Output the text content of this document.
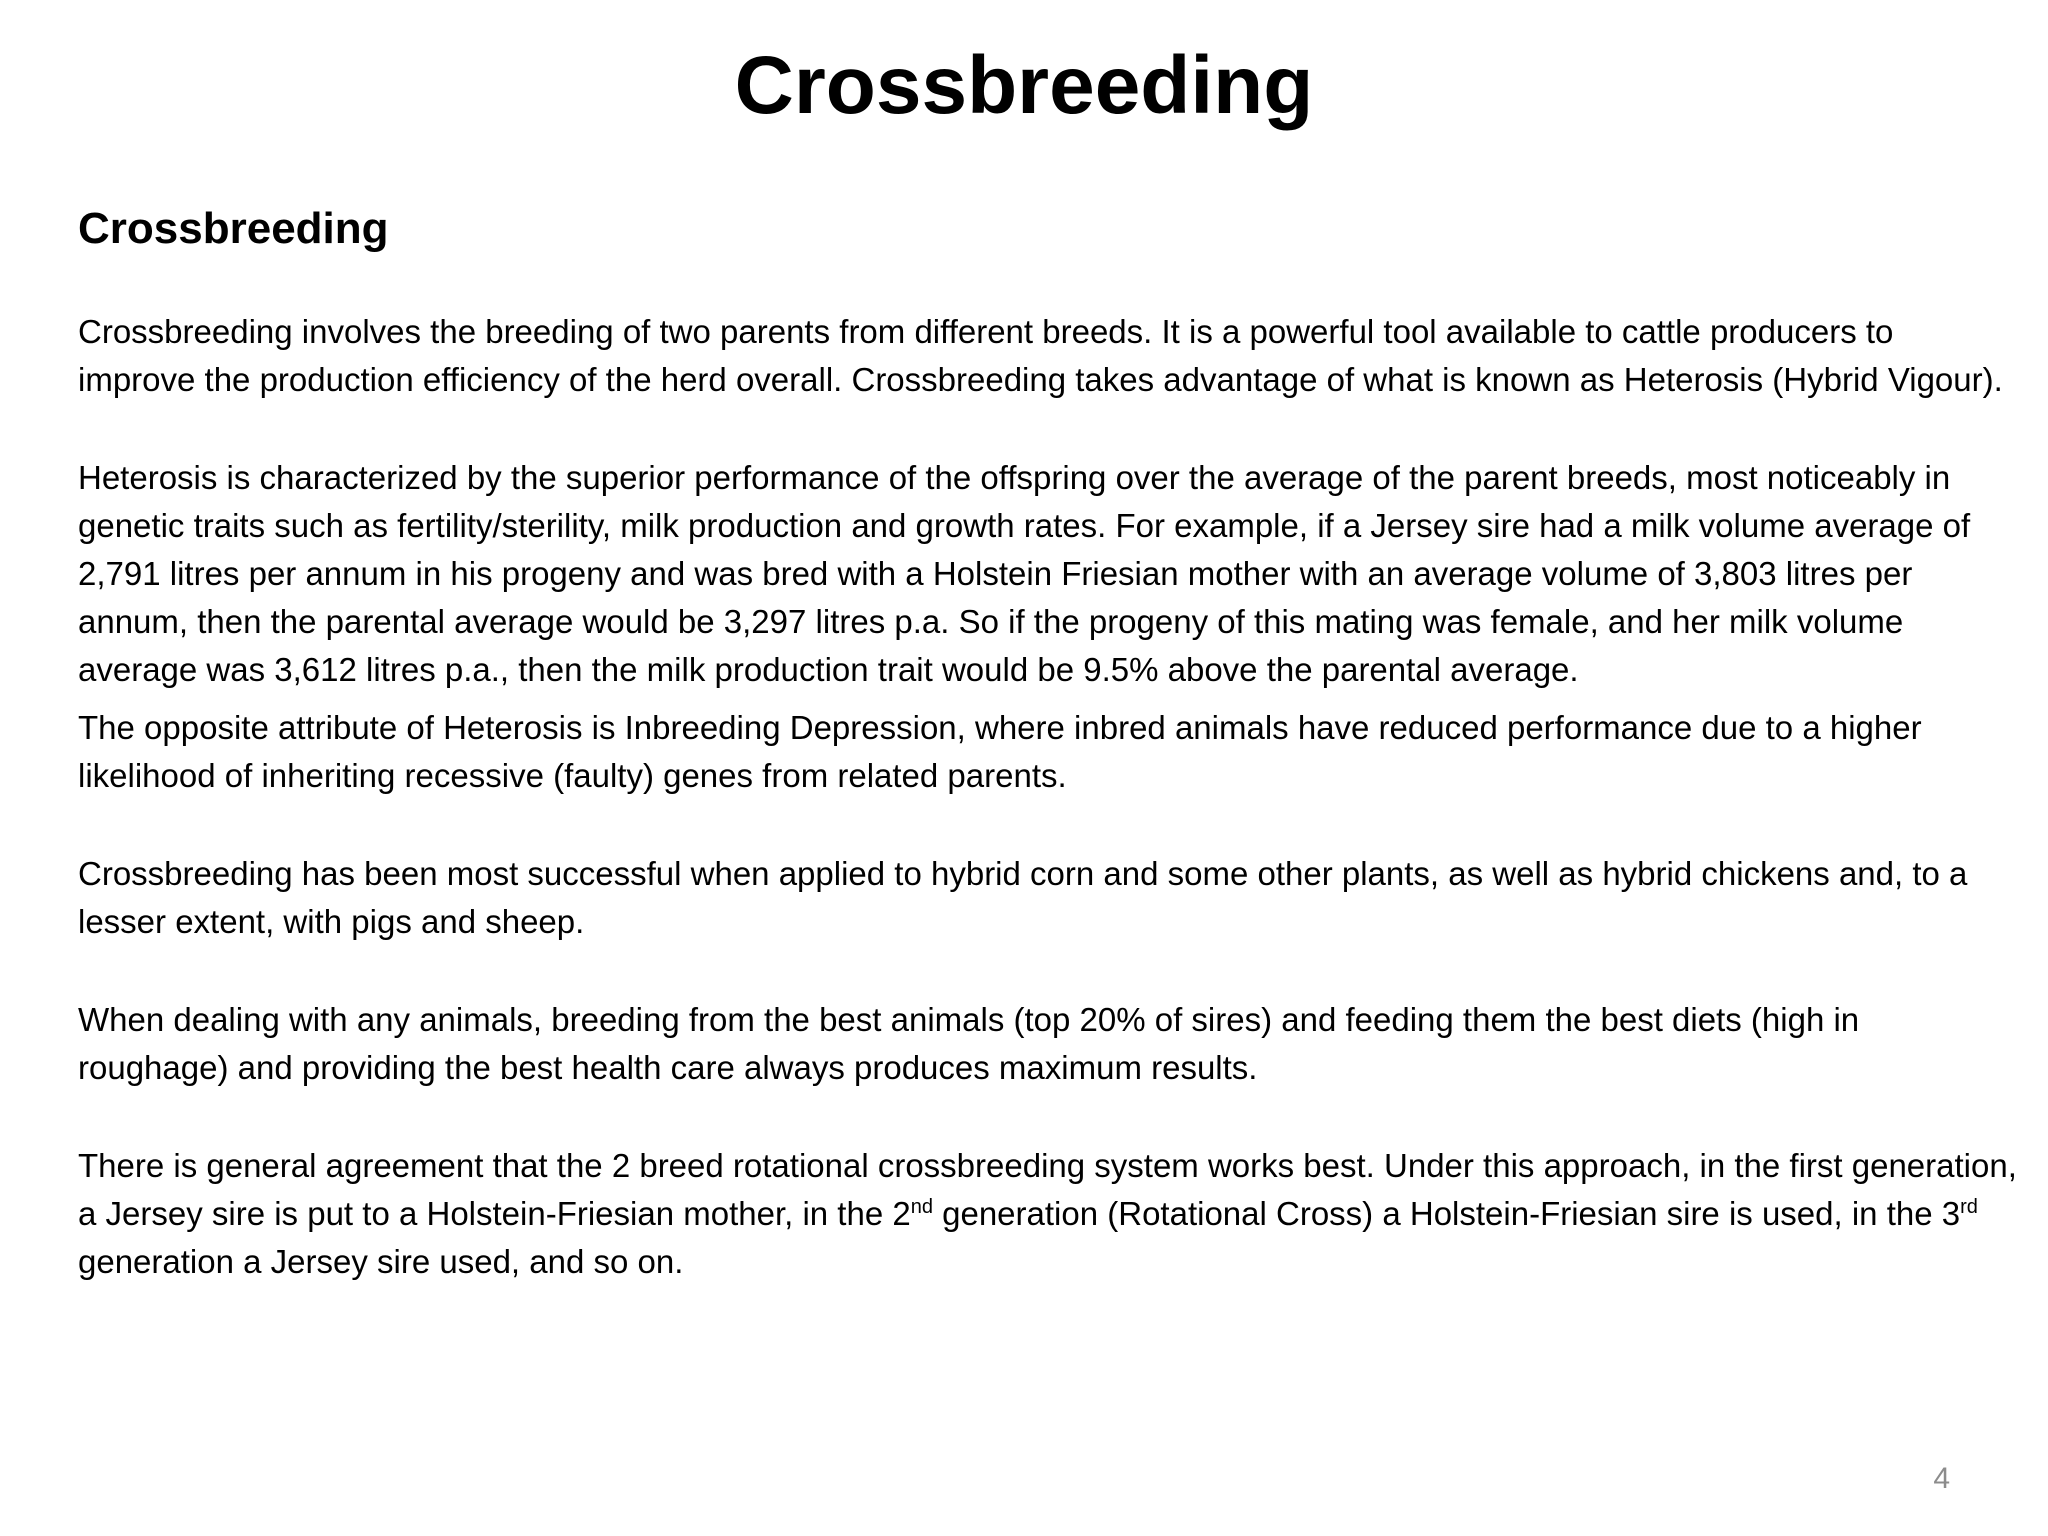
Crossbreeding
Crossbreeding

Crossbreeding involves the breeding of two parents from different breeds. It is a powerful tool available to cattle producers to improve the production efficiency of the herd overall. Crossbreeding takes advantage of what is known as Heterosis (Hybrid Vigour).

Heterosis is characterized by the superior performance of the offspring over the average of the parent breeds, most noticeably in genetic traits such as fertility/sterility, milk production and growth rates. For example, if a Jersey sire had a milk volume average of 2,791 litres per annum in his progeny and was bred with a Holstein Friesian mother with an average volume of 3,803 litres per annum, then the parental average would be 3,297 litres p.a. So if the progeny of this mating was female, and her milk volume average was 3,612 litres p.a., then the milk production trait would be 9.5% above the parental average.

The opposite attribute of Heterosis is Inbreeding Depression, where inbred animals have reduced performance due to a higher likelihood of inheriting recessive (faulty) genes from related parents.

Crossbreeding has been most successful when applied to hybrid corn and some other plants, as well as hybrid chickens and, to a lesser extent, with pigs and sheep.

When dealing with any animals, breeding from the best animals (top 20% of sires) and feeding them the best diets (high in roughage) and providing the best health care always produces maximum results.

There is general agreement that the 2 breed rotational crossbreeding system works best. Under this approach, in the first generation, a Jersey sire is put to a Holstein-Friesian mother, in the 2nd generation (Rotational Cross) a Holstein-Friesian sire is used, in the 3rd generation a Jersey sire used, and so on.

4
